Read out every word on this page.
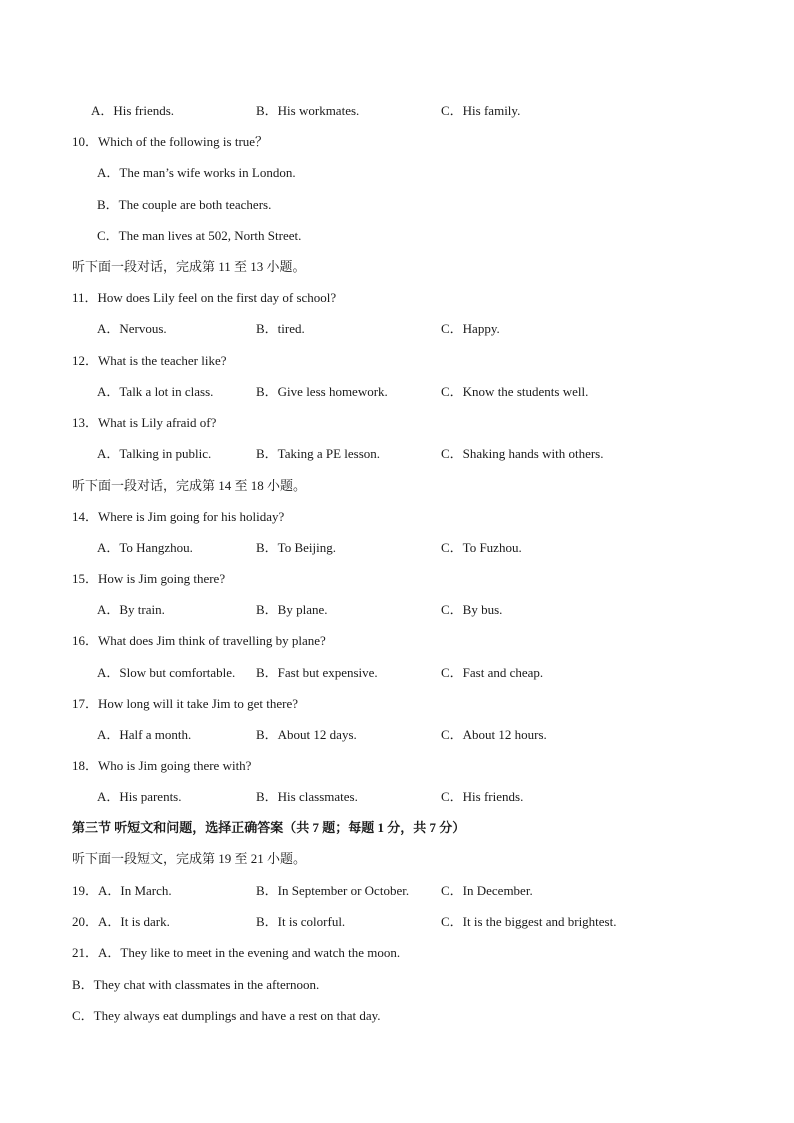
A．His friends.	B．His workmates.	C．His family.
10．Which of the following is true？
A．The man’s wife works in London.
B．The couple are both teachers.
C．The man lives at 502, North Street.
听下面一段对话，完成第 11 至 13 小题。
11．How does Lily feel on the first day of school?
A．Nervous.	B．tired.	C．Happy.
12．What is the teacher like?
A．Talk a lot in class.	B．Give less homework.	C．Know the students well.
13．What is Lily afraid of?
A．Talking in public.	B．Taking a PE lesson.	C．Shaking hands with others.
听下面一段对话，完成第 14 至 18 小题。
14．Where is Jim going for his holiday?
A．To Hangzhou.	B．To Beijing.	C．To Fuzhou.
15．How is Jim going there?
A．By train.	B．By plane.	C．By bus.
16．What does Jim think of travelling by plane?
A．Slow but comfortable. B．Fast but expensive.	C．Fast and cheap.
17．How long will it take Jim to get there?
A．Half a month.	B．About 12 days.	C．About 12 hours.
18．Who is Jim going there with?
A．His parents.	B．His classmates.	C．His friends.
第三节 听短文和问题，选择正确答案（共 7 题；每题 1 分，共 7 分）
听下面一段短文，完成第 19 至 21 小题。
19．A．In March.	B．In September or October. C．In December.
20．A．It is dark.	B．It is colorful.	C．It is the biggest and brightest.
21．A．They like to meet in the evening and watch the moon.
B．They chat with classmates in the afternoon.
C．They always eat dumplings and have a rest on that day.
